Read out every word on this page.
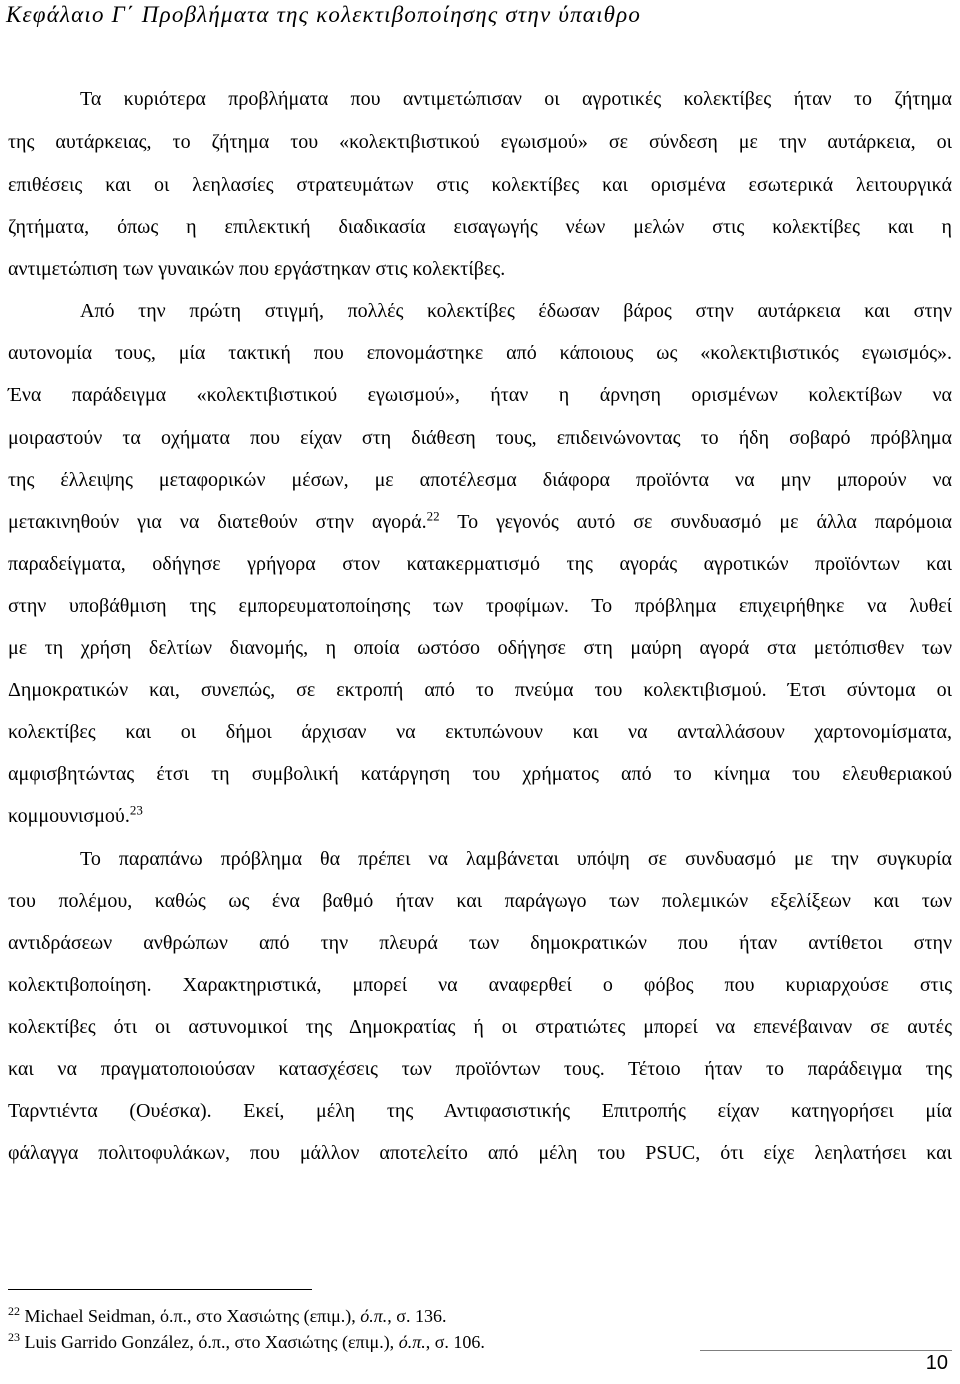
Κεφάλαιο Γ΄ Προβλήματα της κολεκτιβοποίησης στην ύπαιθρο
Τα κυριότερα προβλήματα που αντιμετώπισαν οι αγροτικές κολεκτίβες ήταν το ζήτημα
της αυτάρκειας, το ζήτημα του «κολεκτιβιστικού εγωισμού» σε σύνδεση με την αυτάρκεια, οι
επιθέσεις και οι λεηλασίες στρατευμάτων στις κολεκτίβες και ορισμένα εσωτερικά λειτουργικά
ζητήματα, όπως η επιλεκτική διαδικασία εισαγωγής νέων μελών στις κολεκτίβες και η
αντιμετώπιση των γυναικών που εργάστηκαν στις κολεκτίβες.
Από την πρώτη στιγμή, πολλές κολεκτίβες έδωσαν βάρος στην αυτάρκεια και στην
αυτονομία τους, μία τακτική που επονομάστηκε από κάποιους ως «κολεκτιβιστικός εγωισμός».
Ένα παράδειγμα «κολεκτιβιστικού εγωισμού», ήταν η άρνηση ορισμένων κολεκτίβων να
μοιραστούν τα οχήματα που είχαν στη διάθεση τους, επιδεινώνοντας το ήδη σοβαρό πρόβλημα
της έλλειψης μεταφορικών μέσων, με αποτέλεσμα διάφορα προϊόντα να μην μπορούν να
μετακινηθούν για να διατεθούν στην αγορά.$^{22}$ Το γεγονός αυτό σε συνδυασμό με άλλα παρόμοια
παραδείγματα, οδήγησε γρήγορα στον κατακερματισμό της αγοράς αγροτικών προϊόντων και
στην υποβάθμιση της εμπορευματοποίησης των τροφίμων. Το πρόβλημα επιχειρήθηκε να λυθεί
με τη χρήση δελτίων διανομής, η οποία ωστόσο οδήγησε στη μαύρη αγορά στα μετόπισθεν των
Δημοκρατικών και, συνεπώς, σε εκτροπή από το πνεύμα του κολεκτιβισμού. Έτσι σύντομα οι
κολεκτίβες και οι δήμοι άρχισαν να εκτυπώνουν και να ανταλλάσουν χαρτονομίσματα,
αμφισβητώντας έτσι τη συμβολική κατάργηση του χρήματος από το κίνημα του ελευθεριακού
κομμουνισμού.$^{23}$
Το παραπάνω πρόβλημα θα πρέπει να λαμβάνεται υπόψη σε συνδυασμό με την συγκυρία
του πολέμου, καθώς ως ένα βαθμό ήταν και παράγωγο των πολεμικών εξελίξεων και των
αντιδράσεων ανθρώπων από την πλευρά των δημοκρατικών που ήταν αντίθετοι στην
κολεκτιβοποίηση. Χαρακτηριστικά, μπορεί να αναφερθεί ο φόβος που κυριαρχούσε στις
κολεκτίβες ότι οι αστυνομικοί της Δημοκρατίας ή οι στρατιώτες μπορεί να επενέβαιναν σε αυτές
και να πραγματοποιούσαν κατασχέσεις των προϊόντων τους. Τέτοιο ήταν το παράδειγμα της
Ταρντιέντα (Ουέσκα). Εκεί, μέλη της Αντιφασιστικής Επιτροπής είχαν κατηγορήσει μία
φάλαγγα πολιτοφυλάκων, που μάλλον αποτελείτο από μέλη του PSUC, ότι είχε λεηλατήσει και
$^{22}$ Michael Seidman, ό.π., στο Χασιώτης (επιμ.), ό.π., σ. 136.
$^{23}$ Luis Garrido González, ό.π., στο Χασιώτης (επιμ.), ό.π., σ. 106.
10
